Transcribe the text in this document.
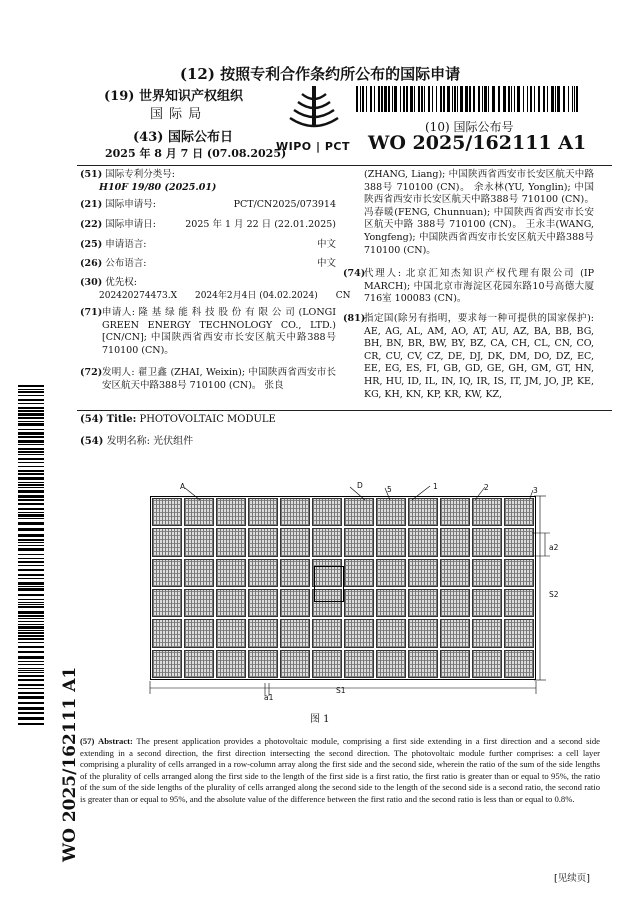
(12) 按照专利合作条约所公布的国际申请
(19) 世界知识产权组织
国 际 局
(43) 国际公布日
2025 年 8 月 7 日 (07.08.2025)
WIPO | PCT
(10) 国际公布号
WO 2025/162111 A1
WO 2025/162111 A1
(51) 国际专利分类号:
H10F 19/80 (2025.01)
(21) 国际申请号:	PCT/CN2025/073914
(22) 国际申请日:	2025 年 1 月 22 日 (22.01.2025)
(25) 申请语言:	中文
(26) 公布语言:	中文
(30) 优先权:
202420274473.X　　2024年2月4日 (04.02.2024)　　CN
(71) 申请人: 隆 基 绿 能 科 技 股 份 有 限 公 司 (LONGI GREEN ENERGY TECHNOLOGY CO., LTD.) [CN/CN]; 中国陕西省西安市长安区航天中路388号 710100 (CN)。
(72) 发明人: 翟卫鑫 (ZHAI, Weixin); 中国陕西省西安市长安区航天中路388号 710100 (CN)。 张良
(ZHANG, Liang); 中国陕西省西安市长安区航天中路388号 710100 (CN)。 余永林(YU, Yonglin); 中国陕西省西安市长安区航天中路388号 710100 (CN)。 冯春暖(FENG, Chunnuan); 中国陕西省西安市长安区航天中路 388号 710100 (CN)。 王永丰(WANG, Yongfeng); 中国陕西省西安市长安区航天中路388号 710100 (CN)。
(74)
代理人: 北京汇知杰知识产权代理有限公司 (IP MARCH); 中国北京市海淀区花园东路10号高德大厦716室 100083 (CN)。
(81)
指定国(除另有指明，要求每一种可提供的国家保护): AE, AG, AL, AM, AO, AT, AU, AZ, BA, BB, BG, BH, BN, BR, BW, BY, BZ, CA, CH, CL, CN, CO, CR, CU, CV, CZ, DE, DJ, DK, DM, DO, DZ, EC, EE, EG, ES, FI, GB, GD, GE, GH, GM, GT, HN, HR, HU, ID, IL, IN, IQ, IR, IS, IT, JM, JO, JP, KE, KG, KH, KN, KP, KR, KW, KZ,
(54) Title: PHOTOVOLTAIC MODULE
(54) 发明名称: 光伏组件
A	D	5	1	2	3
a2
S2
S1
a1
图 1
(57) Abstract: The present application provides a photovoltaic module, comprising a first side extending in a first direction and a second side extending in a second direction, the first direction intersecting the second direction. The photovoltaic module further comprises: a cell layer comprising a plurality of cells arranged in a row-column array along the first side and the second side, wherein the ratio of the sum of the side lengths of the plurality of cells arranged along the first side to the length of the first side is a first ratio, the first ratio is greater than or equal to 95%, the ratio of the sum of the side lengths of the plurality of cells arranged along the second side to the length of the second side is a second ratio, the second ratio is greater than or equal to 95%, and the absolute value of the difference between the first ratio and the second ratio is less than or equal to 0.8%.
[见续页]
